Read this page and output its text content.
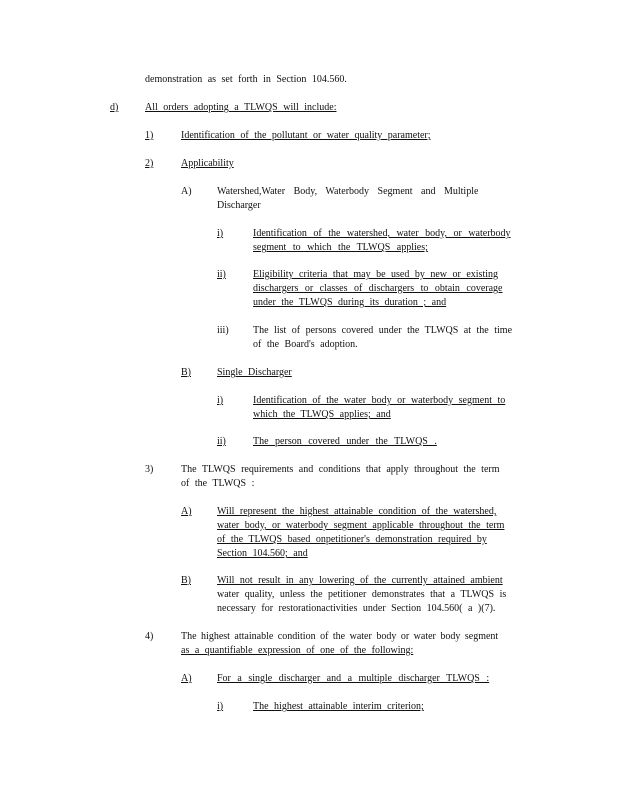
demonstration as set forth in Section 104.560.
d)	All orders adopting a TLWQS will include:
1)	Identification of the pollutant or water quality parameter;
2)	Applicability
A)	Watershed,Water Body, Waterbody Segment and Multiple
Discharger
i)	Identification of the watershed, water body, or waterbody
segment to which the TLWQS applies;
ii)	Eligibility criteria that may be used by new or existing
dischargers or classes of dischargers to obtain coverage
under the TLWQS during its duration ; and
iii) The list of persons covered under the TLWQS at the time
of the Board's adoption.
B)	Single Discharger
i)	Identification of the water body or waterbody segment to
which the TLWQS applies; and
ii)	The person covered under the TLWQS .
3)	The TLWQS requirements and conditions that apply throughout the term
of the TLWQS :
A)	Will represent the highest attainable condition of the watershed,
water body, or waterbody segment applicable throughout the term
of the TLWQS based onpetitioner's demonstration required by
Section 104.560; and
B)	Will not result in any lowering of the currently attained ambient
water quality, unless the petitioner demonstrates that a TLWQS is
necessary for restorationactivities under Section 104.560( a )(7).
4)	The highest attainable condition of the water body or water body segment
as a quantifiable expression of one of the following:
A)	For a single discharger and a multiple discharger TLWQS :
i)	The highest attainable interim criterion;
